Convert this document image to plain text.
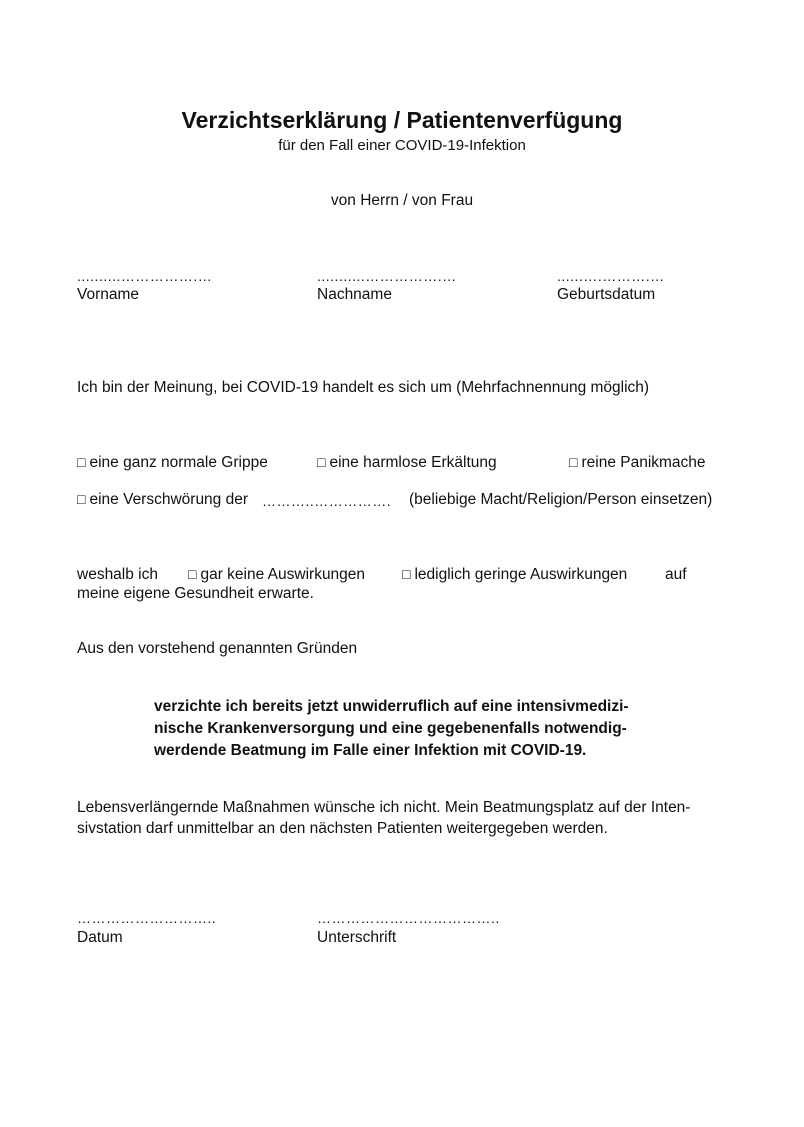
Verzichtserklärung / Patientenverfügung
für den Fall einer COVID-19-Infektion
von Herrn / von Frau
..........…………….…
Vorname
...........…………….…
Nachname
......….……….…
Geburtsdatum
Ich bin der Meinung, bei COVID-19 handelt es sich um (Mehrfachnennung möglich)
□ eine ganz normale Grippe	□ eine harmlose Erkältung	□ reine Panikmache
□ eine Verschwörung der ………..……………. (beliebige Macht/Religion/Person einsetzen)
weshalb ich □ gar keine Auswirkungen	□ lediglich geringe Auswirkungen auf
meine eigene Gesundheit erwarte.
Aus den vorstehend genannten Gründen
verzichte ich bereits jetzt unwiderruflich auf eine intensivmedizi-
nische Krankenversorgung und eine gegebenenfalls notwendig-
werdende Beatmung im Falle einer Infektion mit COVID-19.
Lebensverlängernde Maßnahmen wünsche ich nicht. Mein Beatmungsplatz auf der Inten-
sivstation darf unmittelbar an den nächsten Patienten weitergegeben werden.
………………………..
Datum
………………………………..
Unterschrift
